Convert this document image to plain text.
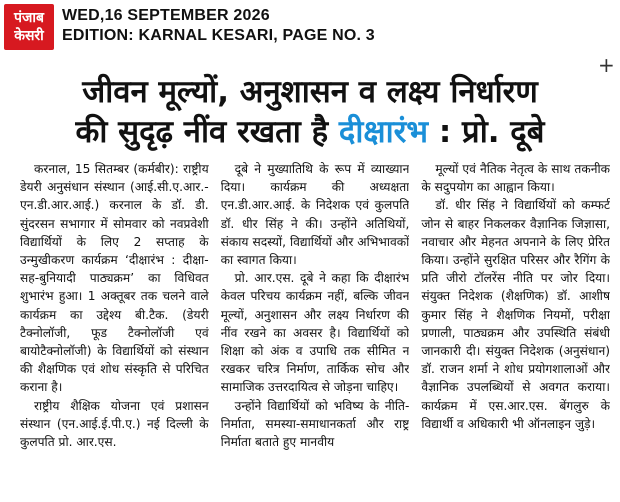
पंजाब
केसरी
WED,16 SEPTEMBER 2026
EDITION: KARNAL KESARI, PAGE NO. 3
+
जीवन मूल्यों, अनुशासन व लक्ष्य निर्धारण
की सुदृढ़ नींव रखता है दीक्षारंभ : प्रो. दूबे

करनाल, 15 सितम्बर (कर्मबीर): राष्ट्रीय डेयरी अनुसंधान संस्थान (आई.सी.ए.आर.-एन.डी.आर.आई.) करनाल के डॉ. डी. सुंदरसन सभागार में सोमवार को नवप्रवेशी विद्यार्थियों के लिए 2 सप्ताह के उन्मुखीकरण कार्यक्रम ‘दीक्षारंभ : दीक्षा-सह-बुनियादी पाठ्यक्रम’ का विधिवत शुभारंभ हुआ। 1 अक्तूबर तक चलने वाले कार्यक्रम का उद्देश्य बी.टैक. (डेयरी टैक्नोलॉजी, फूड टैक्नोलॉजी एवं बायोटैक्नोलॉजी) के विद्यार्थियों को संस्थान की शैक्षणिक एवं शोध संस्कृति से परिचित कराना है।

राष्ट्रीय शैक्षिक योजना एवं प्रशासन संस्थान (एन.आई.ई.पी.ए.) नई दिल्ली के कुलपति प्रो. आर.एस.

दूबे ने मुख्यातिथि के रूप में व्याख्यान दिया। कार्यक्रम की अध्यक्षता एन.डी.आर.आई. के निदेशक एवं कुलपति डॉ. धीर सिंह ने की। उन्होंने अतिथियों, संकाय सदस्यों, विद्यार्थियों और अभिभावकों का स्वागत किया।

प्रो. आर.एस. दूबे ने कहा कि दीक्षारंभ केवल परिचय कार्यक्रम नहीं, बल्कि जीवन मूल्यों, अनुशासन और लक्ष्य निर्धारण की नींव रखने का अवसर है। विद्यार्थियों को शिक्षा को अंक व उपाधि तक सीमित न रखकर चरित्र निर्माण, तार्किक सोच और सामाजिक उत्तरदायित्व से जोड़ना चाहिए।

उन्होंने विद्यार्थियों को भविष्य के नीति-निर्माता, समस्या-समाधानकर्ता और राष्ट्र निर्माता बताते हुए मानवीय

मूल्यों एवं नैतिक नेतृत्व के साथ तकनीक के सदुपयोग का आह्वान किया।

डॉ. धीर सिंह ने विद्यार्थियों को कम्फर्ट जोन से बाहर निकलकर वैज्ञानिक जिज्ञासा, नवाचार और मेहनत अपनाने के लिए प्रेरित किया। उन्होंने सुरक्षित परिसर और रैगिंग के प्रति जीरो टॉलरेंस नीति पर जोर दिया। संयुक्त निदेशक (शैक्षणिक) डॉ. आशीष कुमार सिंह ने शैक्षणिक नियमों, परीक्षा प्रणाली, पाठ्यक्रम और उपस्थिति संबंधी जानकारी दी। संयुक्त निदेशक (अनुसंधान) डॉ. राजन शर्मा ने शोध प्रयोगशालाओं और वैज्ञानिक उपलब्धियों से अवगत कराया। कार्यक्रम में एस.आर.एस. बेंगलुरु के विद्यार्थी व अधिकारी भी ऑनलाइन जुड़े।
